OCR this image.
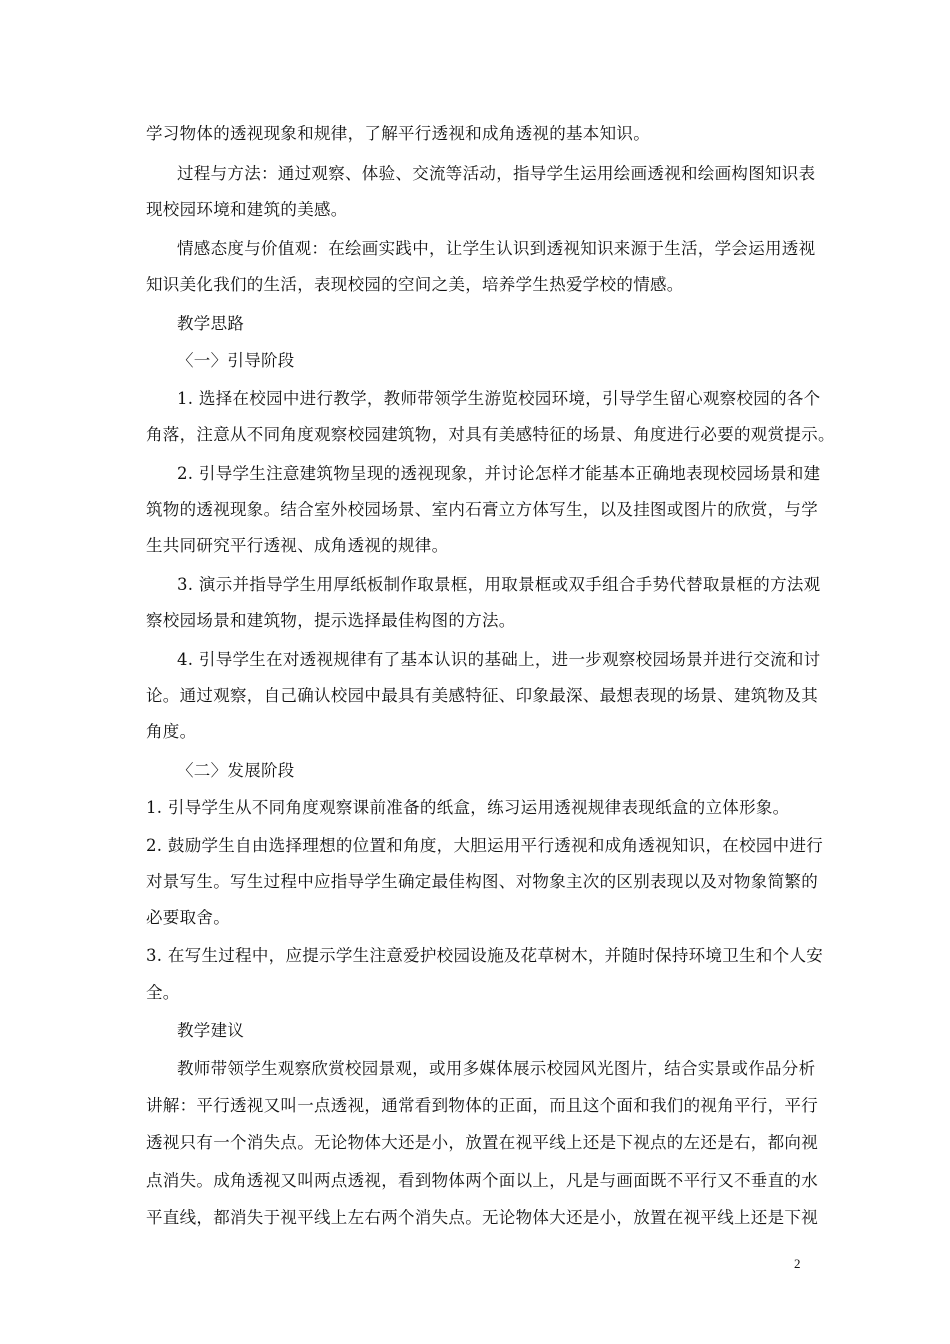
学习物体的透视现象和规律，了解平行透视和成角透视的基本知识。

过程与方法：通过观察、体验、交流等活动，指导学生运用绘画透视和绘画构图知识表

现校园环境和建筑的美感。

情感态度与价值观：在绘画实践中，让学生认识到透视知识来源于生活，学会运用透视

知识美化我们的生活，表现校园的空间之美，培养学生热爱学校的情感。

教学思路

〈一〉引导阶段

1. 选择在校园中进行教学，教师带领学生游览校园环境，引导学生留心观察校园的各个

角落，注意从不同角度观察校园建筑物，对具有美感特征的场景、角度进行必要的观赏提示。

2. 引导学生注意建筑物呈现的透视现象，并讨论怎样才能基本正确地表现校园场景和建

筑物的透视现象。结合室外校园场景、室内石膏立方体写生，以及挂图或图片的欣赏，与学

生共同研究平行透视、成角透视的规律。

3. 演示并指导学生用厚纸板制作取景框，用取景框或双手组合手势代替取景框的方法观

察校园场景和建筑物，提示选择最佳构图的方法。

4. 引导学生在对透视规律有了基本认识的基础上，进一步观察校园场景并进行交流和讨

论。通过观察，自己确认校园中最具有美感特征、印象最深、最想表现的场景、建筑物及其

角度。

〈二〉发展阶段

1. 引导学生从不同角度观察课前准备的纸盒，练习运用透视规律表现纸盒的立体形象。

2. 鼓励学生自由选择理想的位置和角度，大胆运用平行透视和成角透视知识，在校园中进行

对景写生。写生过程中应指导学生确定最佳构图、对物象主次的区别表现以及对物象简繁的

必要取舍。

3. 在写生过程中，应提示学生注意爱护校园设施及花草树木，并随时保持环境卫生和个人安

全。

教学建议

教师带领学生观察欣赏校园景观，或用多媒体展示校园风光图片，结合实景或作品分析

讲解：平行透视又叫一点透视，通常看到物体的正面，而且这个面和我们的视角平行，平行

透视只有一个消失点。无论物体大还是小，放置在视平线上还是下视点的左还是右，都向视

点消失。成角透视又叫两点透视，看到物体两个面以上，凡是与画面既不平行又不垂直的水

平直线，都消失于视平线上左右两个消失点。无论物体大还是小，放置在视平线上还是下视

2
